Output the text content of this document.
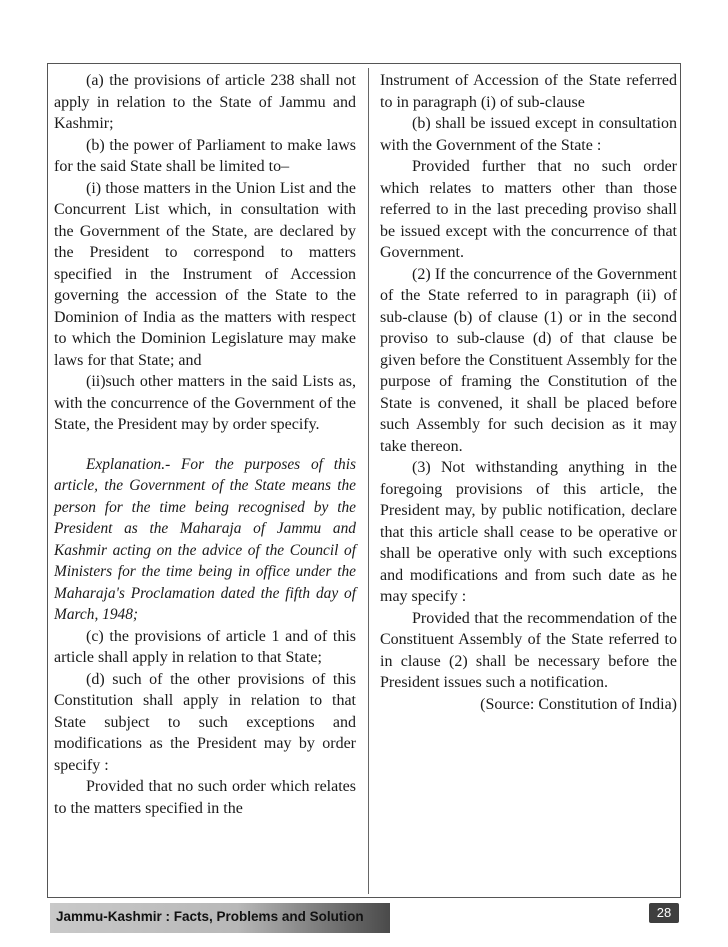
(a) the provisions of article 238 shall not apply in relation to the State of Jammu and Kashmir;

(b) the power of Parliament to make laws for the said State shall be limited to–

(i) those matters in the Union List and the Concurrent List which, in consultation with the Government of the State, are declared by the President to correspond to matters specified in the Instrument of Accession governing the accession of the State to the Dominion of India as the matters with respect to which the Dominion Legislature may make laws for that State; and

(ii)such other matters in the said Lists as, with the concurrence of the Government of the State, the President may by order specify.

Explanation.- For the purposes of this article, the Government of the State means the person for the time being recognised by the President as the Maharaja of Jammu and Kashmir acting on the advice of the Council of Ministers for the time being in office under the Maharaja's Proclamation dated the fifth day of March, 1948;

(c) the provisions of article 1 and of this article shall apply in relation to that State;

(d) such of the other provisions of this Constitution shall apply in relation to that State subject to such exceptions and modifications as the President may by order specify :

Provided that no such order which relates to the matters specified in the

Instrument of Accession of the State referred to in paragraph (i) of sub-clause

(b) shall be issued except in consultation with the Government of the State :

Provided further that no such order which relates to matters other than those referred to in the last preceding proviso shall be issued except with the concurrence of that Government.

(2) If the concurrence of the Government of the State referred to in paragraph (ii) of sub-clause (b) of clause (1) or in the second proviso to sub-clause (d) of that clause be given before the Constituent Assembly for the purpose of framing the Constitution of the State is convened, it shall be placed before such Assembly for such decision as it may take thereon.

(3) Not withstanding anything in the foregoing provisions of this article, the President may, by public notification, declare that this article shall cease to be operative or shall be operative only with such exceptions and modifications and from such date as he may specify :

Provided that the recommendation of the Constituent Assembly of the State referred to in clause (2) shall be necessary before the President issues such a notification.

(Source: Constitution of India)

Jammu-Kashmir : Facts, Problems and Solution	28
